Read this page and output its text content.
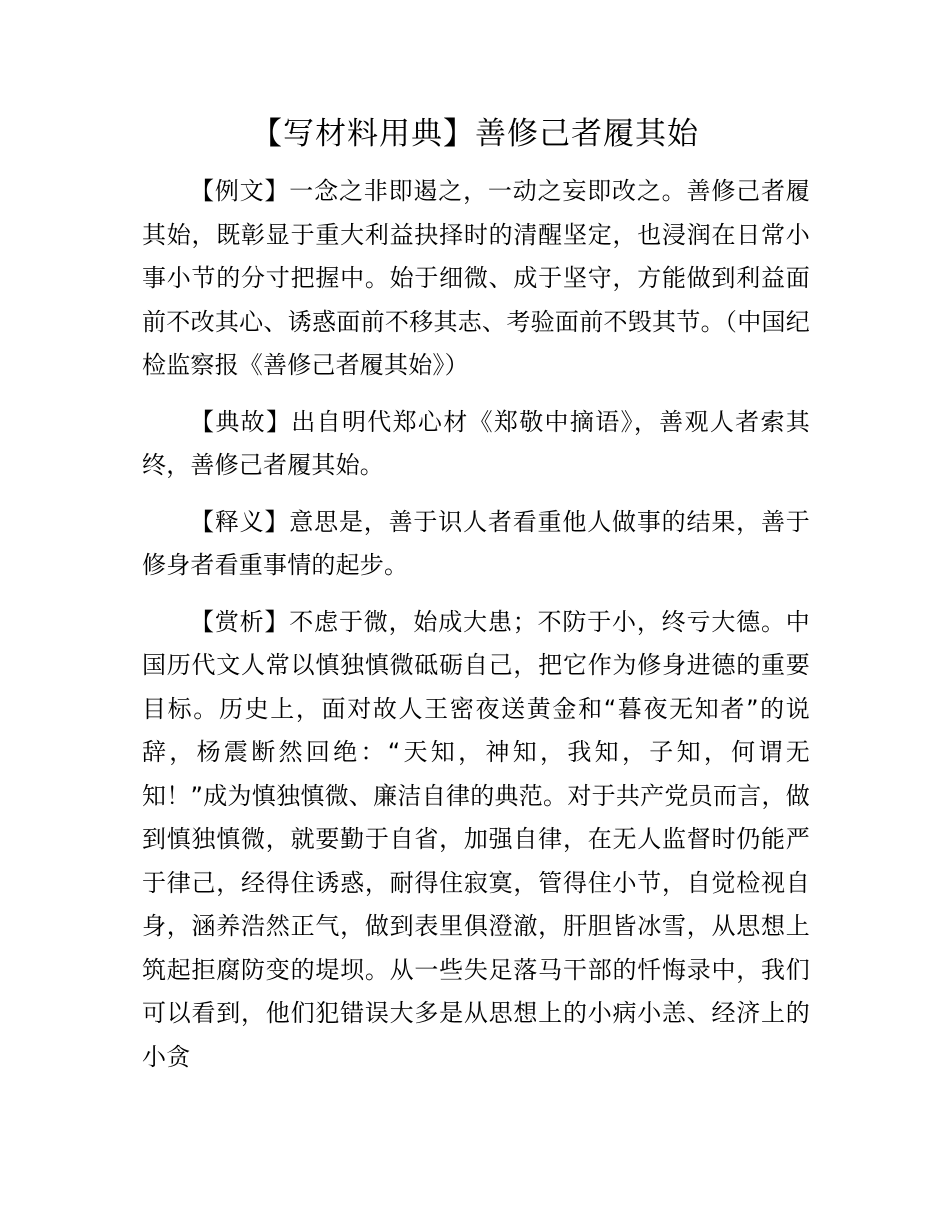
【写材料用典】善修己者履其始

【例文】一念之非即遏之，一动之妄即改之。善修己者履其始，既彰显于重大利益抉择时的清醒坚定，也浸润在日常小事小节的分寸把握中。始于细微、成于坚守，方能做到利益面前不改其心、诱惑面前不移其志、考验面前不毁其节。（中国纪检监察报《善修己者履其始》）

【典故】出自明代郑心材《郑敬中摘语》，善观人者索其终，善修己者履其始。

【释义】意思是，善于识人者看重他人做事的结果，善于修身者看重事情的起步。

【赏析】不虑于微，始成大患；不防于小，终亏大德。中国历代文人常以慎独慎微砥砺自己，把它作为修身进德的重要目标。历史上，面对故人王密夜送黄金和“暮夜无知者”的说辞，杨震断然回绝：“天知，神知，我知，子知，何谓无知！”成为慎独慎微、廉洁自律的典范。对于共产党员而言，做到慎独慎微，就要勤于自省，加强自律，在无人监督时仍能严于律己，经得住诱惑，耐得住寂寞，管得住小节，自觉检视自身，涵养浩然正气，做到表里俱澄澈，肝胆皆冰雪，从思想上筑起拒腐防变的堤坝。从一些失足落马干部的忏悔录中，我们可以看到，他们犯错误大多是从思想上的小病小恙、经济上的小贪
